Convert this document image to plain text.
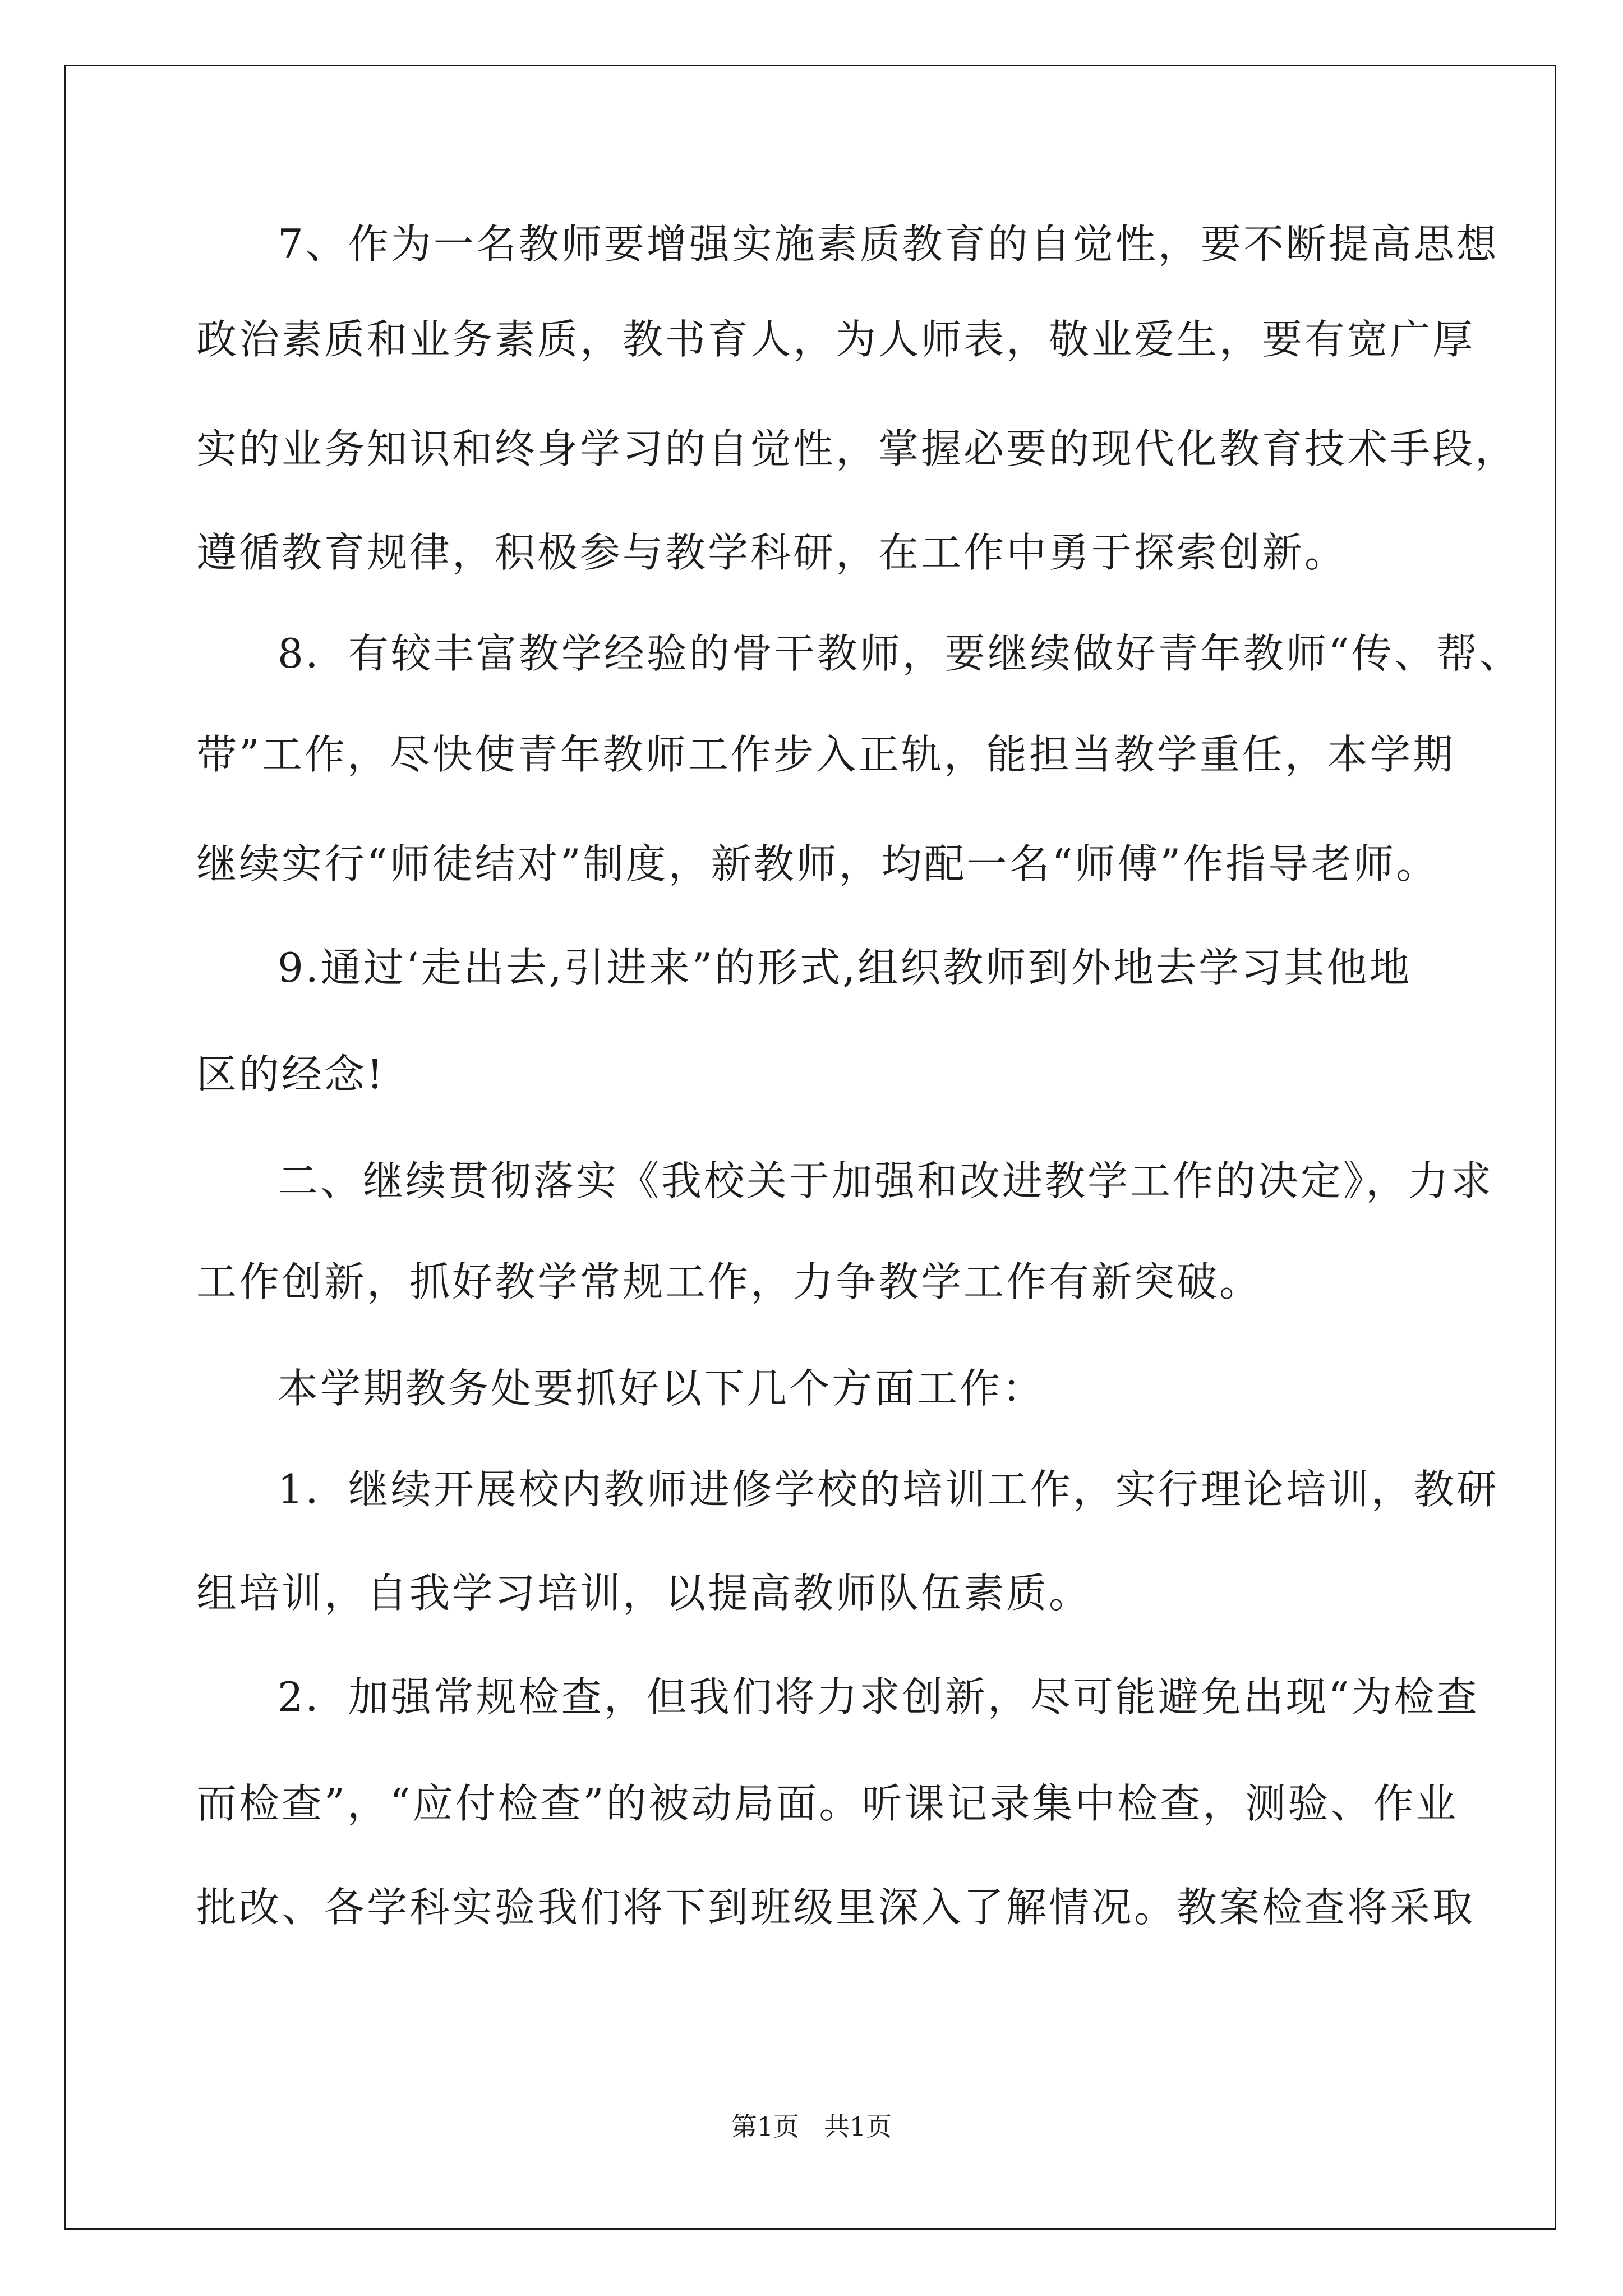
7、作为一名教师要增强实施素质教育的自觉性，要不断提高思想
政治素质和业务素质，教书育人，为人师表，敬业爱生，要有宽广厚
实的业务知识和终身学习的自觉性，掌握必要的现代化教育技术手段，
遵循教育规律，积极参与教学科研，在工作中勇于探索创新。
8．有较丰富教学经验的骨干教师，要继续做好青年教师“传、帮、
带”工作，尽快使青年教师工作步入正轨，能担当教学重任，本学期
继续实行“师徒结对”制度，新教师，均配一名“师傅”作指导老师。
9.通过‘走出去,引进来”的形式,组织教师到外地去学习其他地
区的经念!
二、继续贯彻落实《我校关于加强和改进教学工作的决定》，力求
工作创新，抓好教学常规工作，力争教学工作有新突破。
本学期教务处要抓好以下几个方面工作：
1．继续开展校内教师进修学校的培训工作，实行理论培训，教研
组培训，自我学习培训，以提高教师队伍素质。
2．加强常规检查，但我们将力求创新，尽可能避免出现“为检查
而检查”，“应付检查”的被动局面。听课记录集中检查，测验、作业
批改、各学科实验我们将下到班级里深入了解情况。教案检查将采取
第1页   共1页
